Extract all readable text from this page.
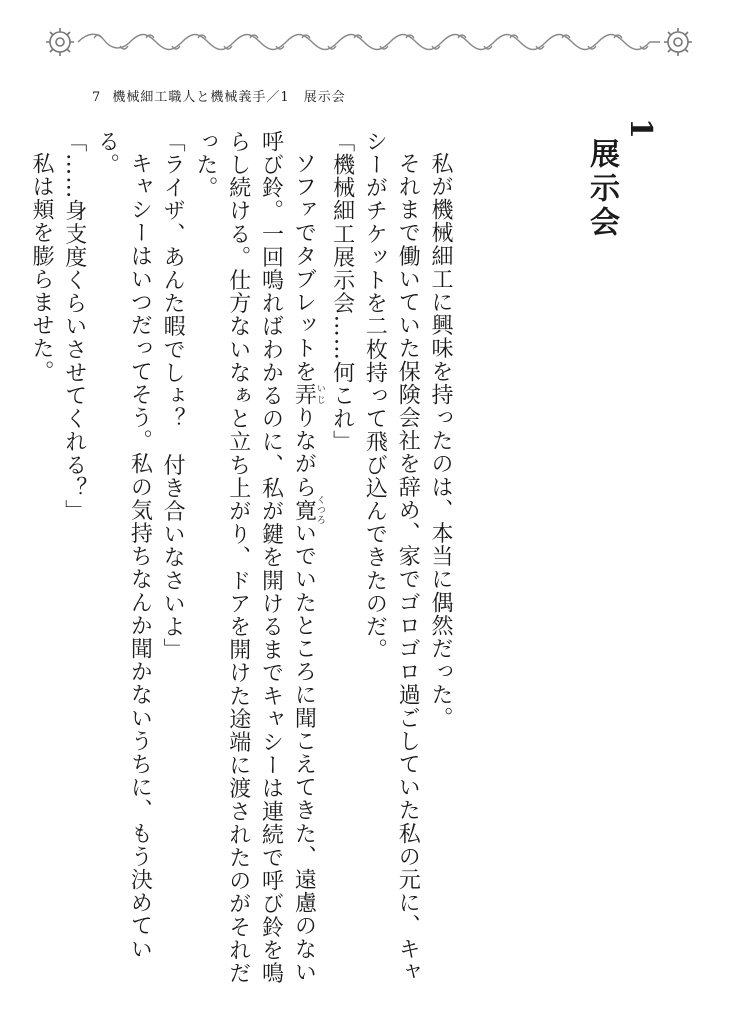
7 機械細工職人と機械義手／1　展示会
1
展示会

私が機械細工に興味を持ったのは、本当に偶然だった。

それまで働いていた保険会社を辞め、家でゴロゴロ過ごしていた私の元に、キャシーがチケットを二枚持って飛び込んできたのだ。

「機械細工展示会……何これ」

ソファでタブレットを弄いじりながら寛くつろいでいたところに聞こえてきた、遠慮のない呼び鈴。一回鳴ればわかるのに、私が鍵を開けるまでキャシーは連続で呼び鈴を鳴らし続ける。仕方ないなぁと立ち上がり、ドアを開けた途端に渡されたのがそれだった。

「ライザ、あんた暇でしょ？　付き合いなさいよ」

キャシーはいつだってそう。私の気持ちなんか聞かないうちに、もう決めている。

「……身支度くらいさせてくれる？」

私は頬を膨らませた。
